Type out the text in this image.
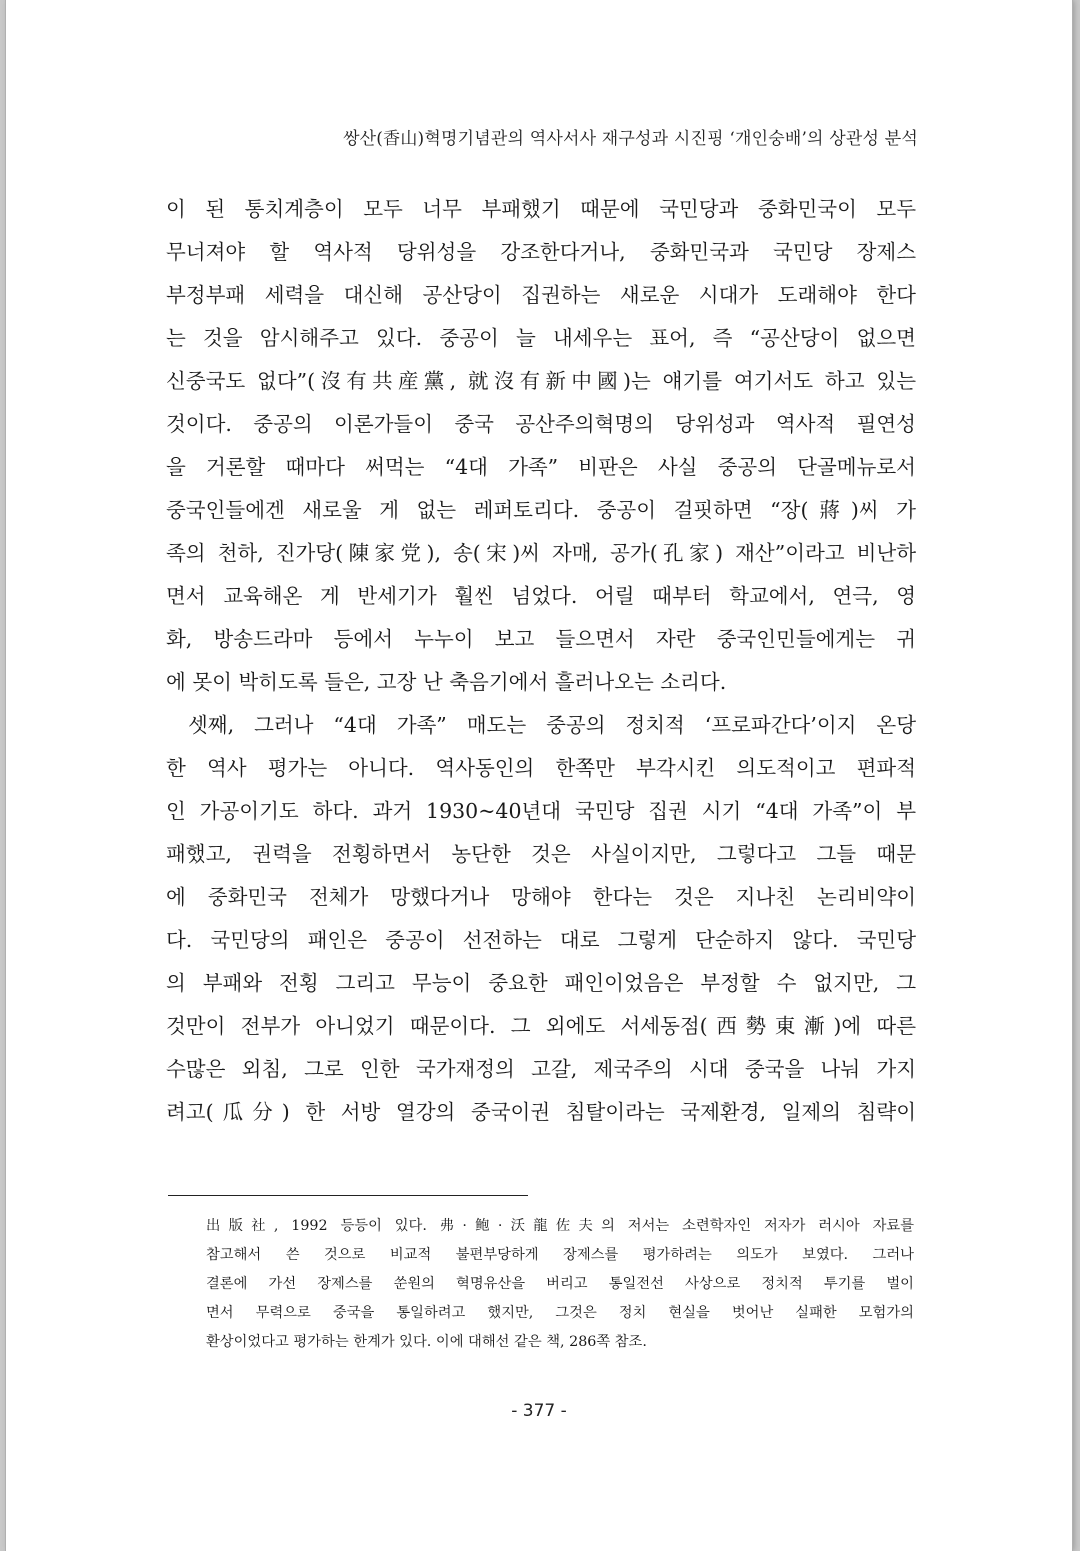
쌍산(香山)혁명기념관의 역사서사 재구성과 시진핑 ‘개인숭배’의 상관성 분석
이 된 통치계층이 모두 너무 부패했기 때문에 국민당과 중화민국이 모두
무너져야 할 역사적 당위성을 강조한다거나, 중화민국과 국민당 장제스
부정부패 세력을 대신해 공산당이 집권하는 새로운 시대가 도래해야 한다
는 것을 암시해주고 있다. 중공이 늘 내세우는 표어, 즉 “공산당이 없으면
신중국도 없다”(沒有共産黨, 就沒有新中國)는 얘기를 여기서도 하고 있는
것이다. 중공의 이론가들이 중국 공산주의혁명의 당위성과 역사적 필연성
을 거론할 때마다 써먹는 “4대 가족” 비판은 사실 중공의 단골메뉴로서
중국인들에겐 새로울 게 없는 레퍼토리다. 중공이 걸핏하면 “장(蔣)씨 가
족의 천하, 진가당(陳家党), 송(宋)씨 자매, 공가(孔家) 재산”이라고 비난하
면서 교육해온 게 반세기가 훨씬 넘었다. 어릴 때부터 학교에서, 연극, 영
화, 방송드라마 등에서 누누이 보고 들으면서 자란 중국인민들에게는 귀
에 못이 박히도록 들은, 고장 난 축음기에서 흘러나오는 소리다.
셋째, 그러나 “4대 가족” 매도는 중공의 정치적 ‘프로파간다’이지 온당
한 역사 평가는 아니다. 역사동인의 한쪽만 부각시킨 의도적이고 편파적
인 가공이기도 하다. 과거 1930~40년대 국민당 집권 시기 “4대 가족”이 부
패했고, 권력을 전횡하면서 농단한 것은 사실이지만, 그렇다고 그들 때문
에 중화민국 전체가 망했다거나 망해야 한다는 것은 지나친 논리비약이
다. 국민당의 패인은 중공이 선전하는 대로 그렇게 단순하지 않다. 국민당
의 부패와 전횡 그리고 무능이 중요한 패인이었음은 부정할 수 없지만, 그
것만이 전부가 아니었기 때문이다. 그 외에도 서세동점(西勢東漸)에 따른
수많은 외침, 그로 인한 국가재정의 고갈, 제국주의 시대 중국을 나눠 가지
려고(瓜分) 한 서방 열강의 중국이권 침탈이라는 국제환경, 일제의 침략이
出版社, 1992 등등이 있다. 弗·鲍·沃龍佐夫의 저서는 소련학자인 저자가 러시아 자료를
참고해서 쓴 것으로 비교적 불편부당하게 장제스를 평가하려는 의도가 보였다. 그러나
결론에 가선 장제스를 쑨원의 혁명유산을 버리고 통일전선 사상으로 정치적 투기를 벌이
면서 무력으로 중국을 통일하려고 했지만, 그것은 정치 현실을 벗어난 실패한 모험가의
환상이었다고 평가하는 한계가 있다. 이에 대해선 같은 책, 286쪽 참조.
- 377 -
